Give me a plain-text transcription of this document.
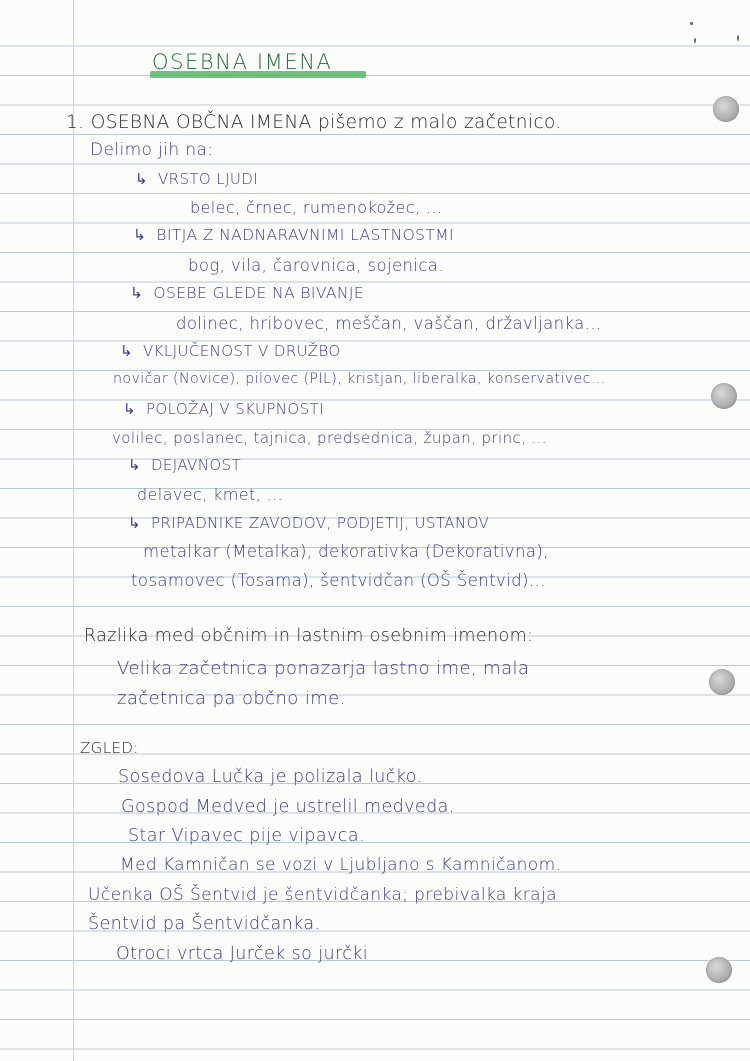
OSEBNA IMENA
1. OSEBNA OBČNA IMENA pišemo z malo začetnico.
Delimo jih na:
↳ VRSTO LJUDI
belec, črnec, rumenokožec, ...
↳ BITJA Z NADNARAVNIMI LASTNOSTMI
bog, vila, čarovnica, sojenica.
↳ OSEBE GLEDE NA BIVANJE
dolinec, hribovec, meščan, vaščan, državljanka...
↳ VKLJUČENOST V DRUŽBO
novičar (Novice), pilovec (PIL), kristjan, liberalka, konservativec...
↳ POLOŽAJ V SKUPNOSTI
volilec, poslanec, tajnica, predsednica, župan, princ, ...
↳ DEJAVNOST
delavec, kmet, ...
↳ PRIPADNIKE ZAVODOV, PODJETIJ, USTANOV
metalkar (Metalka), dekorativka (Dekorativna),
tosamovec (Tosama), šentvidčan (OŠ Šentvid)...
Razlika med občnim in lastnim osebnim imenom:
Velika začetnica ponazarja lastno ime, mala
začetnica pa občno ime.
ZGLED:
Sosedova Lučka je polizala lučko.
Gospod Medved je ustrelil medveda.
Star Vipavec pije vipavca.
Med Kamničan se vozi v Ljubljano s Kamničanom.
Učenka OŠ Šentvid je šentvidčanka; prebivalka kraja
Šentvid pa Šentvidčanka.
Otroci vrtca Jurček so jurčki
